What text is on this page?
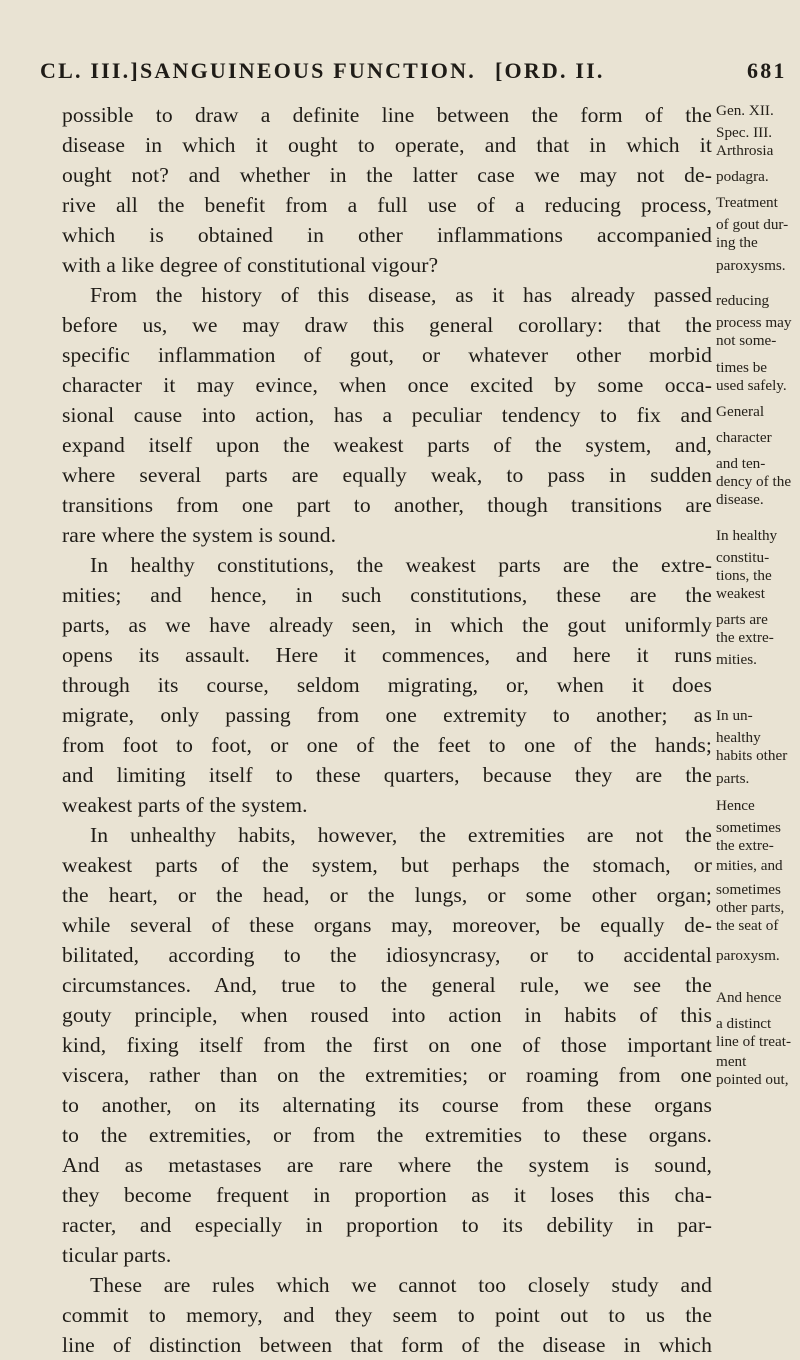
CL. III.] SANGUINEOUS FUNCTION. [ORD. II.	681
possible to draw a definite line between the form of the
disease in which it ought to operate, and that in which it
ought not? and whether in the latter case we may not de-
rive all the benefit from a full use of a reducing process,
which is obtained in other inflammations accompanied
with a like degree of constitutional vigour?
From the history of this disease, as it has already passed
before us, we may draw this general corollary: that the
specific inflammation of gout, or whatever other morbid
character it may evince, when once excited by some occa-
sional cause into action, has a peculiar tendency to fix and
expand itself upon the weakest parts of the system, and,
where several parts are equally weak, to pass in sudden
transitions from one part to another, though transitions are
rare where the system is sound.
In healthy constitutions, the weakest parts are the extre-
mities; and hence, in such constitutions, these are the
parts, as we have already seen, in which the gout uniformly
opens its assault. Here it commences, and here it runs
through its course, seldom migrating, or, when it does
migrate, only passing from one extremity to another; as
from foot to foot, or one of the feet to one of the hands;
and limiting itself to these quarters, because they are the
weakest parts of the system.
In unhealthy habits, however, the extremities are not the
weakest parts of the system, but perhaps the stomach, or
the heart, or the head, or the lungs, or some other organ;
while several of these organs may, moreover, be equally de-
bilitated, according to the idiosyncrasy, or to accidental
circumstances. And, true to the general rule, we see the
gouty principle, when roused into action in habits of this
kind, fixing itself from the first on one of those important
viscera, rather than on the extremities; or roaming from one
to another, on its alternating its course from these organs
to the extremities, or from the extremities to these organs.
And as metastases are rare where the system is sound,
they become frequent in proportion as it loses this cha-
racter, and especially in proportion to its debility in par-
ticular parts.
These are rules which we cannot too closely study and
commit to memory, and they seem to point out to us the
line of distinction between that form of the disease in which
Gen. XII.
Spec. III.
Arthrosia
podagra.
Treatment
of gout dur-
ing the
paroxysms.
reducing
process may
not some-
times be
used safely.
General
character
and ten-
dency of the
disease.
In healthy
constitu-
tions, the
weakest
parts are
the extre-
mities.
In un-
healthy
habits other
parts.
Hence
sometimes
the extre-
mities, and
sometimes
other parts,
the seat of
paroxysm.
And hence
a distinct
line of treat-
ment
pointed out,
